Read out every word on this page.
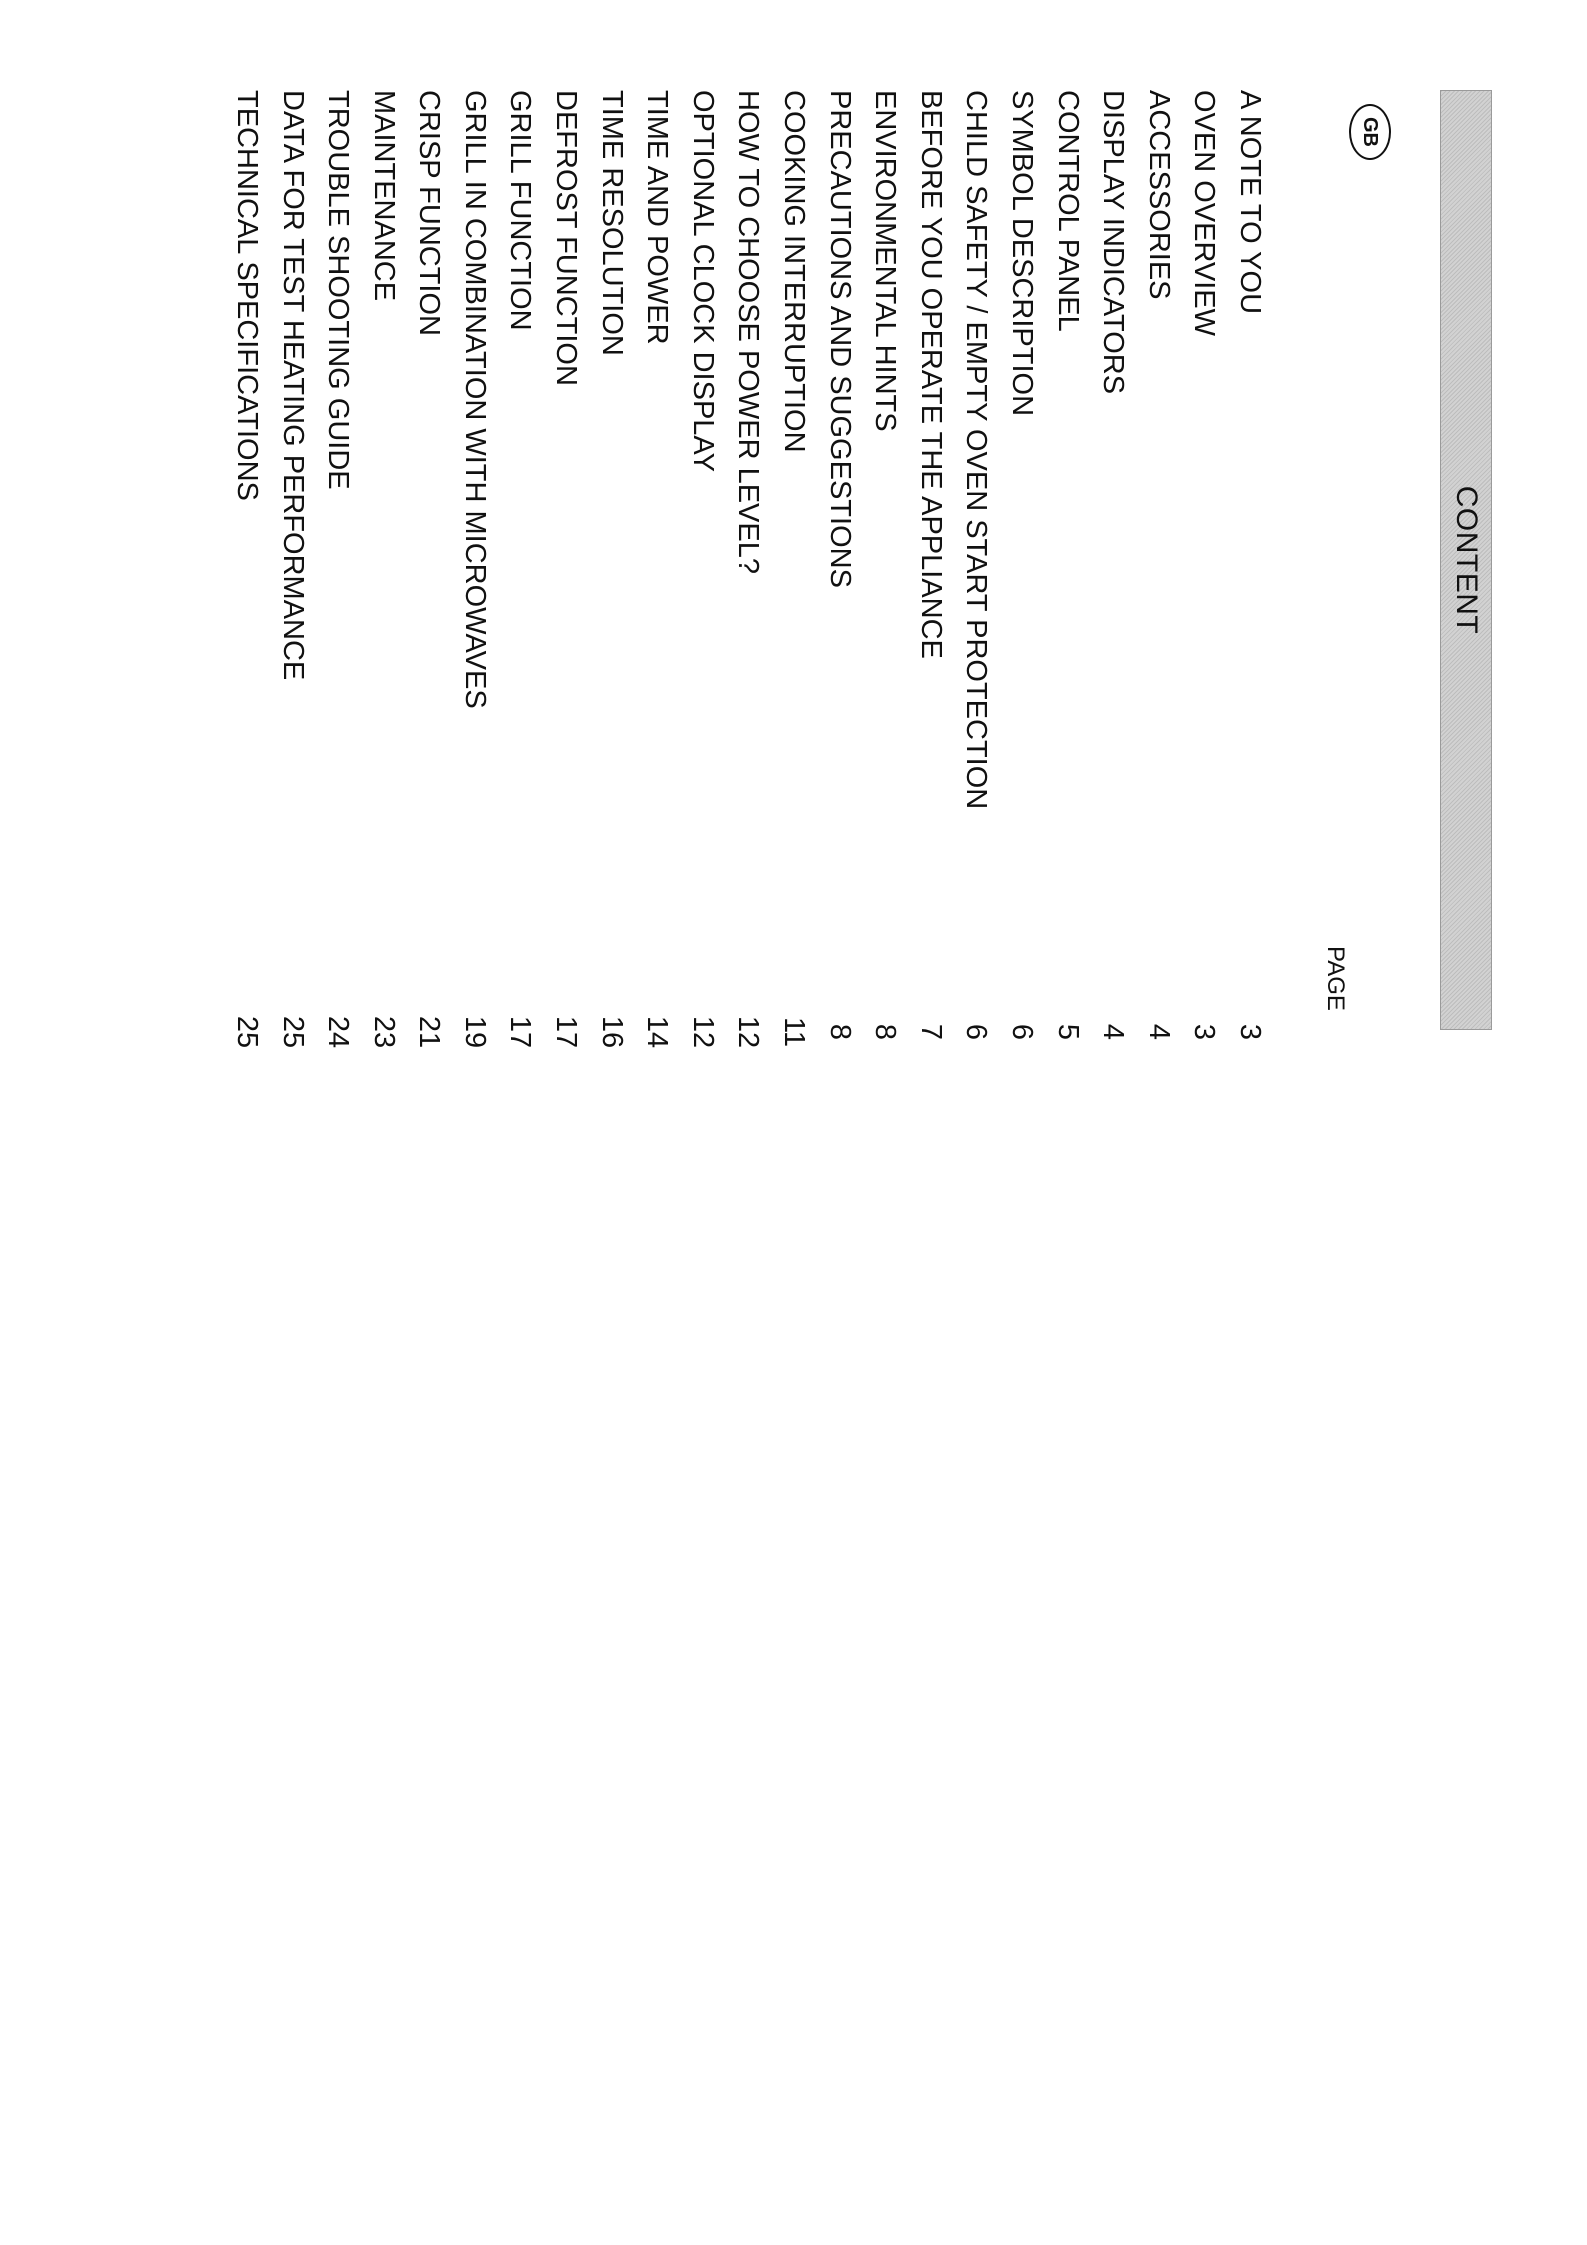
CONTENT
GB
PAGE
A NOTE TO YOU
3
OVEN OVERVIEW
3
ACCESSORIES
4
DISPLAY INDICATORS
4
CONTROL PANEL
5
SYMBOL DESCRIPTION
6
CHILD SAFETY / EMPTY OVEN START PROTECTION
6
BEFORE YOU OPERATE THE APPLIANCE
7
ENVIRONMENTAL HINTS
8
PRECAUTIONS AND SUGGESTIONS
8
COOKING INTERRUPTION
11
HOW TO CHOOSE POWER LEVEL?
12
OPTIONAL CLOCK DISPLAY
12
TIME AND POWER
14
TIME RESOLUTION
16
DEFROST FUNCTION
17
GRILL FUNCTION
17
GRILL IN COMBINATION WITH MICROWAVES
19
CRISP FUNCTION
21
MAINTENANCE
23
TROUBLE SHOOTING GUIDE
24
DATA FOR TEST HEATING PERFORMANCE
25
TECHNICAL SPECIFICATIONS
25
